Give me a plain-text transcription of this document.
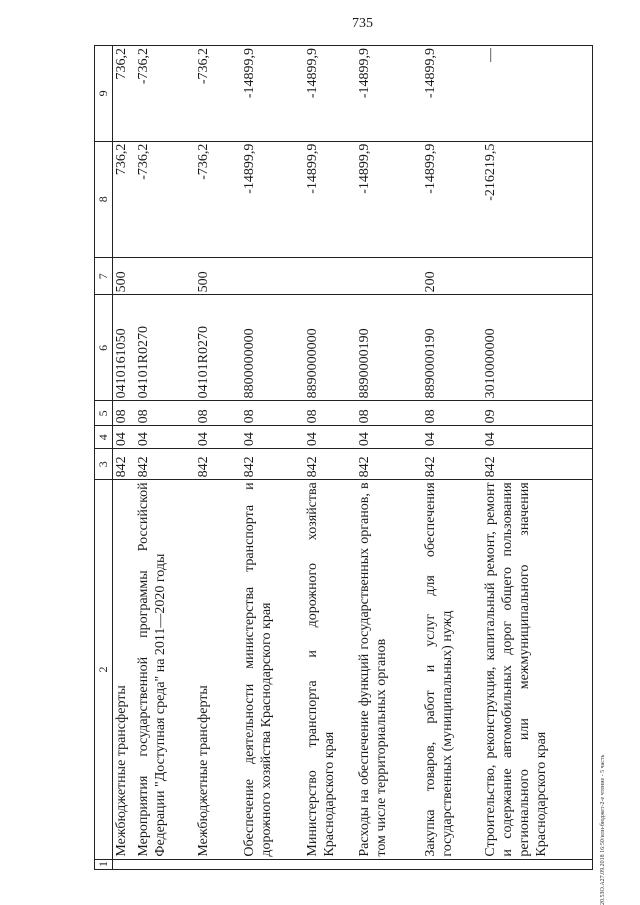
735
1	2	3	4	5	6	7	8	9
	Межбюджетные трансферты	842	04	08	0410161050	500	736,2	736,2
	Мероприятия государственной программы Российской Федерации "Доступная среда" на 2011—2020 годы	842	04	08	04101R0270		-736,2	-736,2
	Межбюджетные трансферты	842	04	08	04101R0270	500	-736,2	-736,2
	Обеспечение деятельности министерства транспорта и дорожного хозяйства Краснодарского края	842	04	08	8800000000		-14899,9	-14899,9
	Министерство транспорта и дорожного хозяйства Краснодарского края	842	04	08	8890000000		-14899,9	-14899,9
	Расходы на обеспечение функций государственных органов, в том числе территориальных органов	842	04	08	8890000190		-14899,9	-14899,9
	Закупка товаров, работ и услуг для обеспечения государственных (муниципальных) нужд	842	04	08	8890000190	200	-14899,9	-14899,9
	Строительство, реконструкция, капитальный ремонт, ремонт и содержание автомобильных дорог общего пользования регионального или межмуниципального значения Краснодарского края	842	04	09	3010000000		-216219,5	—
20.5ЗО.А27.09.2018 16:50/илн-бюджет-2-е чтение - 5 часть
